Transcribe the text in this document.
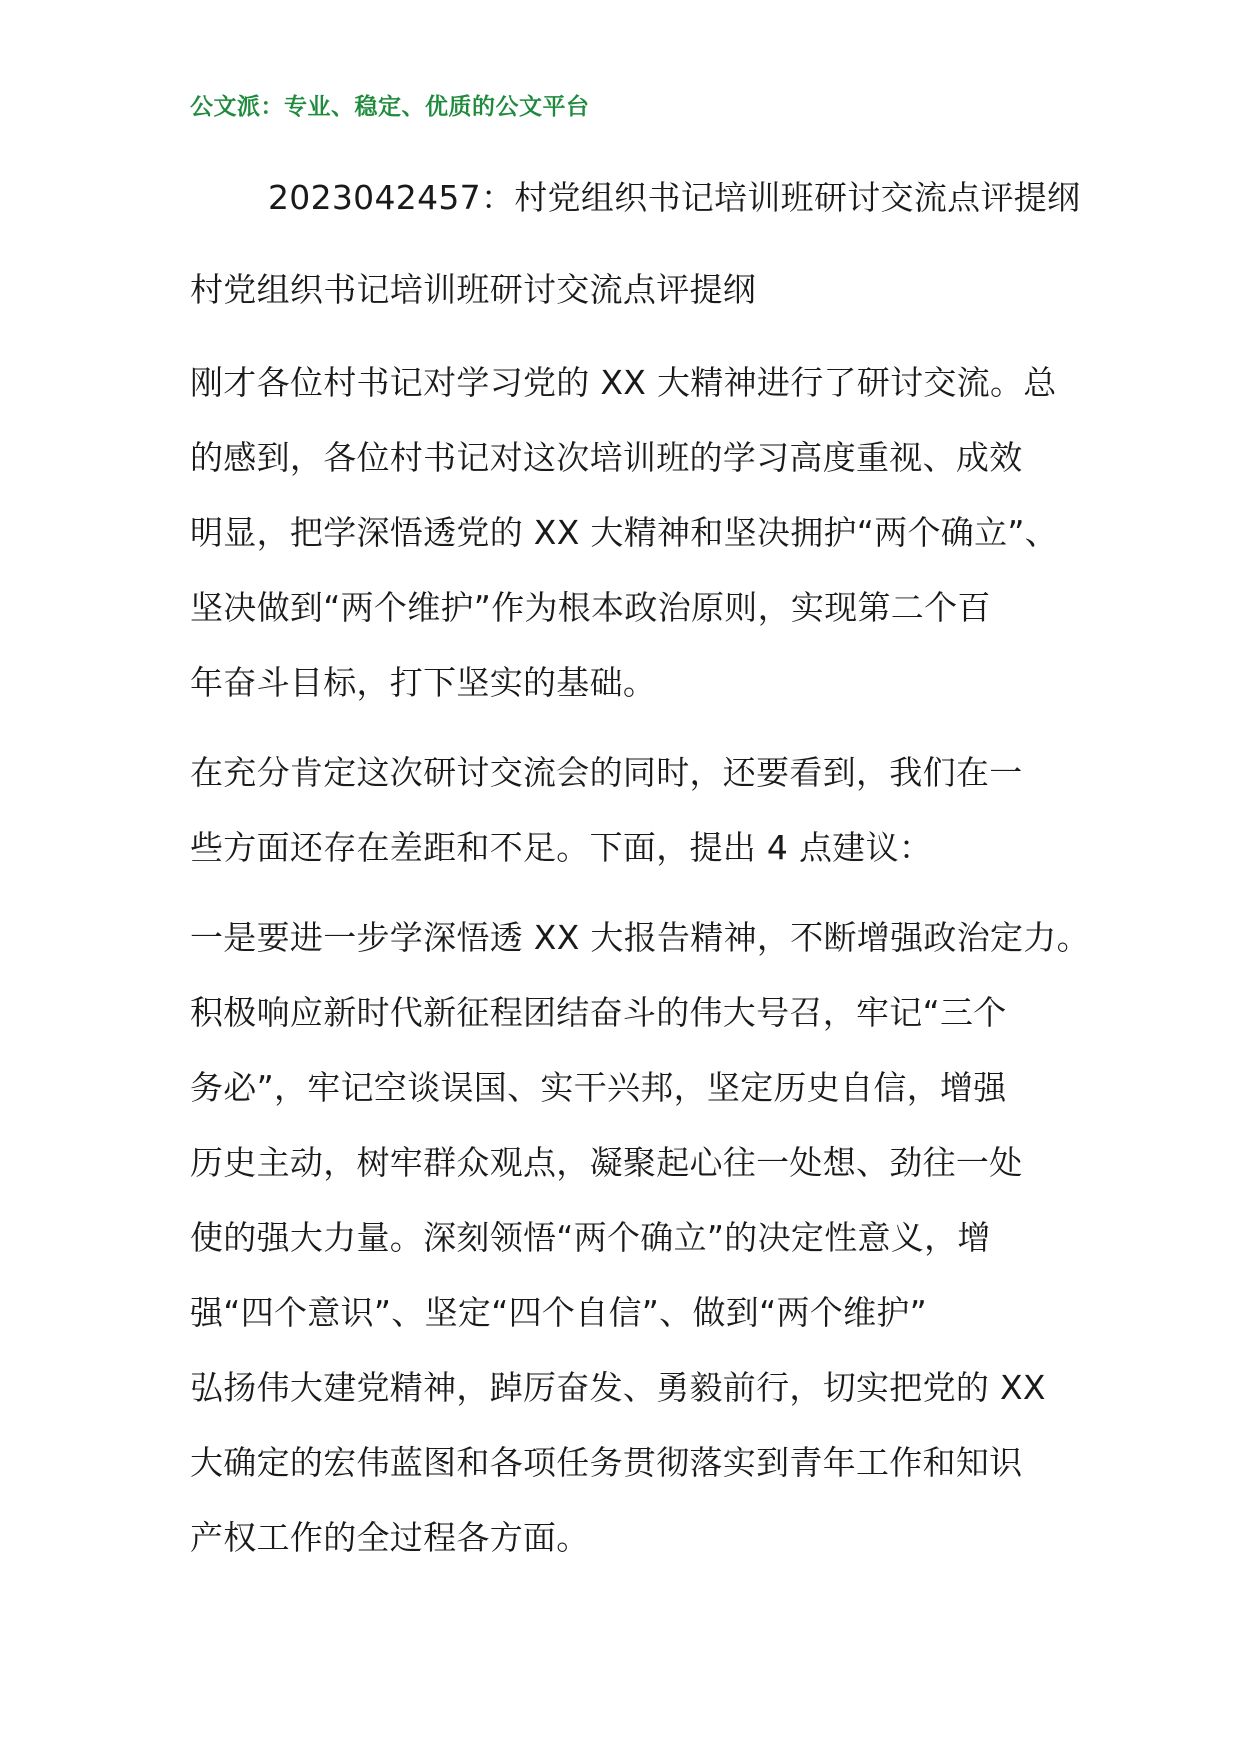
公文派：专业、稳定、优质的公文平台
2023042457：村党组织书记培训班研讨交流点评提纲
村党组织书记培训班研讨交流点评提纲
刚才各位村书记对学习党的 XX 大精神进行了研讨交流。总
的感到，各位村书记对这次培训班的学习高度重视、成效
明显，把学深悟透党的 XX 大精神和坚决拥护“两个确立”、
坚决做到“两个维护”作为根本政治原则，实现第二个百
年奋斗目标，打下坚实的基础。
在充分肯定这次研讨交流会的同时，还要看到，我们在一
些方面还存在差距和不足。下面，提出 4 点建议：
一是要进一步学深悟透 XX 大报告精神，不断增强政治定力。
积极响应新时代新征程团结奋斗的伟大号召，牢记“三个
务必”，牢记空谈误国、实干兴邦，坚定历史自信，增强
历史主动，树牢群众观点，凝聚起心往一处想、劲往一处
使的强大力量。深刻领悟“两个确立”的决定性意义，增
强“四个意识”、坚定“四个自信”、做到“两个维护”
弘扬伟大建党精神，踔厉奋发、勇毅前行，切实把党的 XX
大确定的宏伟蓝图和各项任务贯彻落实到青年工作和知识
产权工作的全过程各方面。
